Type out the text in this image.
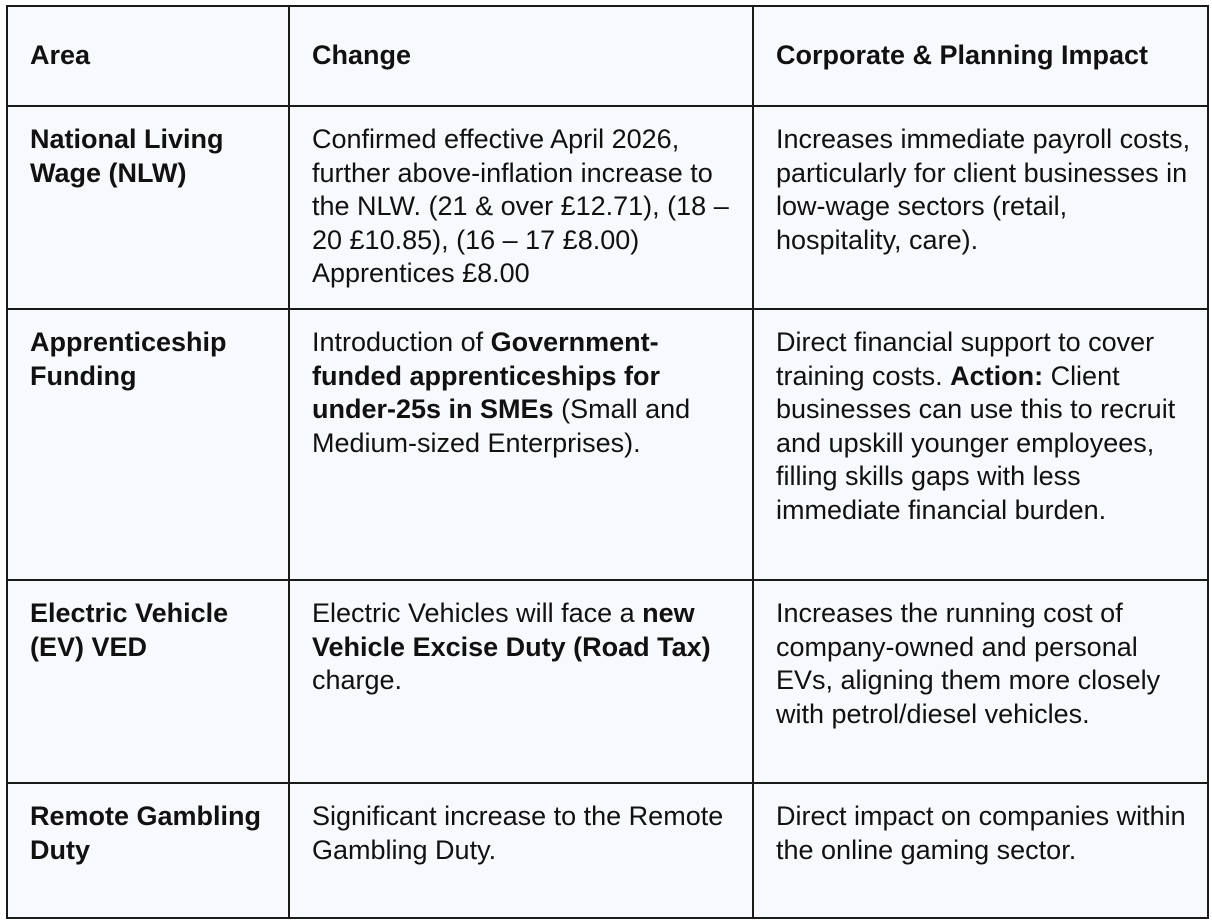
Area	Change	Corporate & Planning Impact

National Living Wage (NLW)	Confirmed effective April 2026, further above-inflation increase to the NLW. (21 & over £12.71), (18 – 20 £10.85), (16 – 17 £8.00) Apprentices £8.00	Increases immediate payroll costs, particularly for client businesses in low-wage sectors (retail, hospitality, care).

Apprenticeship Funding	Introduction of Government-funded apprenticeships for under-25s in SMEs (Small and Medium-sized Enterprises).	Direct financial support to cover training costs. Action: Client businesses can use this to recruit and upskill younger employees, filling skills gaps with less immediate financial burden.

Electric Vehicle (EV) VED	Electric Vehicles will face a new Vehicle Excise Duty (Road Tax) charge.	Increases the running cost of company-owned and personal EVs, aligning them more closely with petrol/diesel vehicles.

Remote Gambling Duty	Significant increase to the Remote Gambling Duty.	Direct impact on companies within the online gaming sector.
